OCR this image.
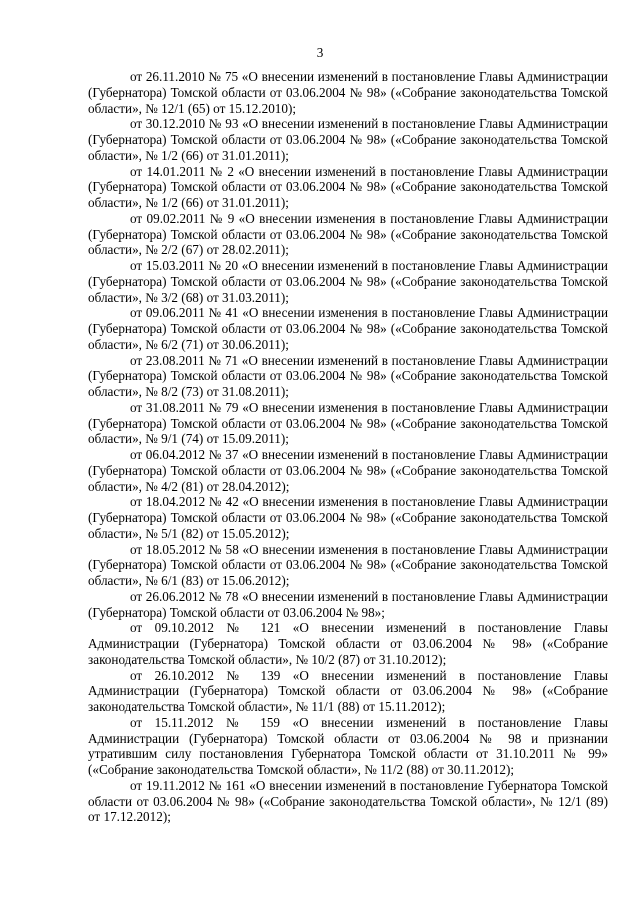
3

от 26.11.2010 № 75 «О внесении изменений в постановление Главы Администрации (Губернатора) Томской области от 03.06.2004 № 98» («Собрание законодательства Томской области», № 12/1 (65) от 15.12.2010);

от 30.12.2010 № 93 «О внесении изменений в постановление Главы Администрации (Губернатора) Томской области от 03.06.2004 № 98» («Собрание законодательства Томской области», № 1/2 (66) от 31.01.2011);

от 14.01.2011 № 2 «О внесении изменений в постановление Главы Администрации (Губернатора) Томской области от 03.06.2004 № 98» («Собрание законодательства Томской области», № 1/2 (66) от 31.01.2011);

от 09.02.2011 № 9 «О внесении изменения в постановление Главы Администрации (Губернатора) Томской области от 03.06.2004 № 98» («Собрание законодательства Томской области», № 2/2 (67) от 28.02.2011);

от 15.03.2011 № 20 «О внесении изменений в постановление Главы Администрации (Губернатора) Томской области от 03.06.2004 № 98» («Собрание законодательства Томской области», № 3/2 (68) от 31.03.2011);

от 09.06.2011 № 41 «О внесении изменения в постановление Главы Администрации (Губернатора) Томской области от 03.06.2004 № 98» («Собрание законодательства Томской области», № 6/2 (71) от 30.06.2011);

от 23.08.2011 № 71 «О внесении изменений в постановление Главы Администрации (Губернатора) Томской области от 03.06.2004 № 98» («Собрание законодательства Томской области», № 8/2 (73) от 31.08.2011);

от 31.08.2011 № 79 «О внесении изменения в постановление Главы Администрации (Губернатора) Томской области от 03.06.2004 № 98» («Собрание законодательства Томской области», № 9/1 (74) от 15.09.2011);

от 06.04.2012 № 37 «О внесении изменений в постановление Главы Администрации (Губернатора) Томской области от 03.06.2004 № 98» («Собрание законодательства Томской области», № 4/2 (81) от 28.04.2012);

от 18.04.2012 № 42 «О внесении изменения в постановление Главы Администрации (Губернатора) Томской области от 03.06.2004 № 98» («Собрание законодательства Томской области», № 5/1 (82) от 15.05.2012);

от 18.05.2012 № 58 «О внесении изменения в постановление Главы Администрации (Губернатора) Томской области от 03.06.2004 № 98» («Собрание законодательства Томской области», № 6/1 (83) от 15.06.2012);

от 26.06.2012 № 78 «О внесении изменений в постановление Главы Администрации (Губернатора) Томской области от 03.06.2004 № 98»;

от 09.10.2012 № 121 «О внесении изменений в постановление Главы Администрации (Губернатора) Томской области от 03.06.2004 № 98» («Собрание законодательства Томской области», № 10/2 (87) от 31.10.2012);

от 26.10.2012 № 139 «О внесении изменений в постановление Главы Администрации (Губернатора) Томской области от 03.06.2004 № 98» («Собрание законодательства Томской области», № 11/1 (88) от 15.11.2012);

от 15.11.2012 № 159 «О внесении изменений в постановление Главы Администрации (Губернатора) Томской области от 03.06.2004 № 98 и признании утратившим силу постановления Губернатора Томской области от 31.10.2011 № 99» («Собрание законодательства Томской области», № 11/2 (88) от 30.11.2012);

от 19.11.2012 № 161 «О внесении изменений в постановление Губернатора Томской области от 03.06.2004 № 98» («Собрание законодательства Томской области», № 12/1 (89) от 17.12.2012);
